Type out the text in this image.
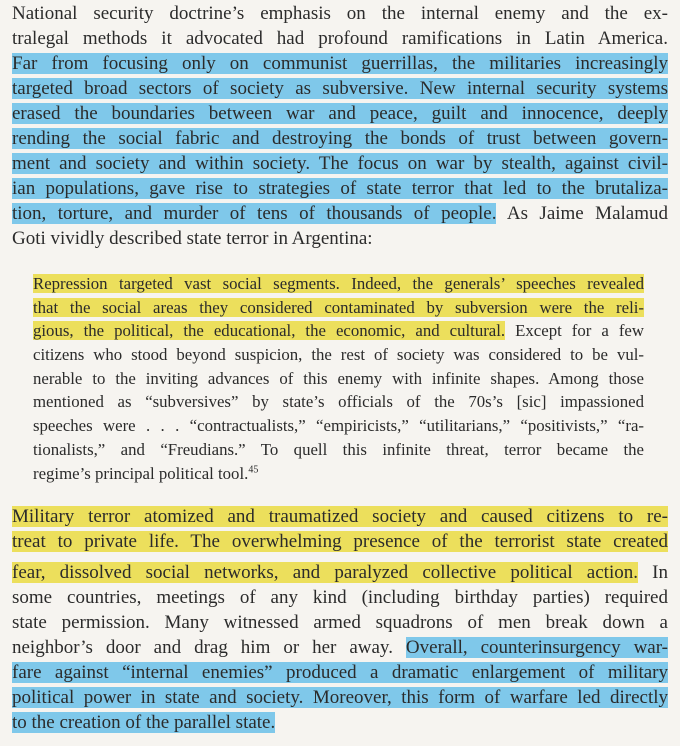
National security doctrine’s emphasis on the internal enemy and the ex-
tralegal methods it advocated had profound ramifications in Latin America.
Far from focusing only on communist guerrillas, the militaries increasingly
targeted broad sectors of society as subversive. New internal security systems
erased the boundaries between war and peace, guilt and innocence, deeply
rending the social fabric and destroying the bonds of trust between govern-
ment and society and within society. The focus on war by stealth, against civil-
ian populations, gave rise to strategies of state terror that led to the brutaliza-
tion, torture, and murder of tens of thousands of people. As Jaime Malamud
Goti vividly described state terror in Argentina:
Repression targeted vast social segments. Indeed, the generals’ speeches revealed
that the social areas they considered contaminated by subversion were the reli-
gious, the political, the educational, the economic, and cultural. Except for a few
citizens who stood beyond suspicion, the rest of society was considered to be vul-
nerable to the inviting advances of this enemy with infinite shapes. Among those
mentioned as “subversives” by state’s officials of the 70s’s [sic] impassioned
speeches were . . . “contractualists,” “empiricists,” “utilitarians,” “positivists,” “ra-
tionalists,” and “Freudians.” To quell this infinite threat, terror became the
regime’s principal political tool.$^{45}$
Military terror atomized and traumatized society and caused citizens to re-
treat to private life. The overwhelming presence of the terrorist state created
fear, dissolved social networks, and paralyzed collective political action. In
some countries, meetings of any kind (including birthday parties) required
state permission. Many witnessed armed squadrons of men break down a
neighbor’s door and drag him or her away. Overall, counterinsurgency war-
fare against “internal enemies” produced a dramatic enlargement of military
political power in state and society. Moreover, this form of warfare led directly
to the creation of the parallel state.
